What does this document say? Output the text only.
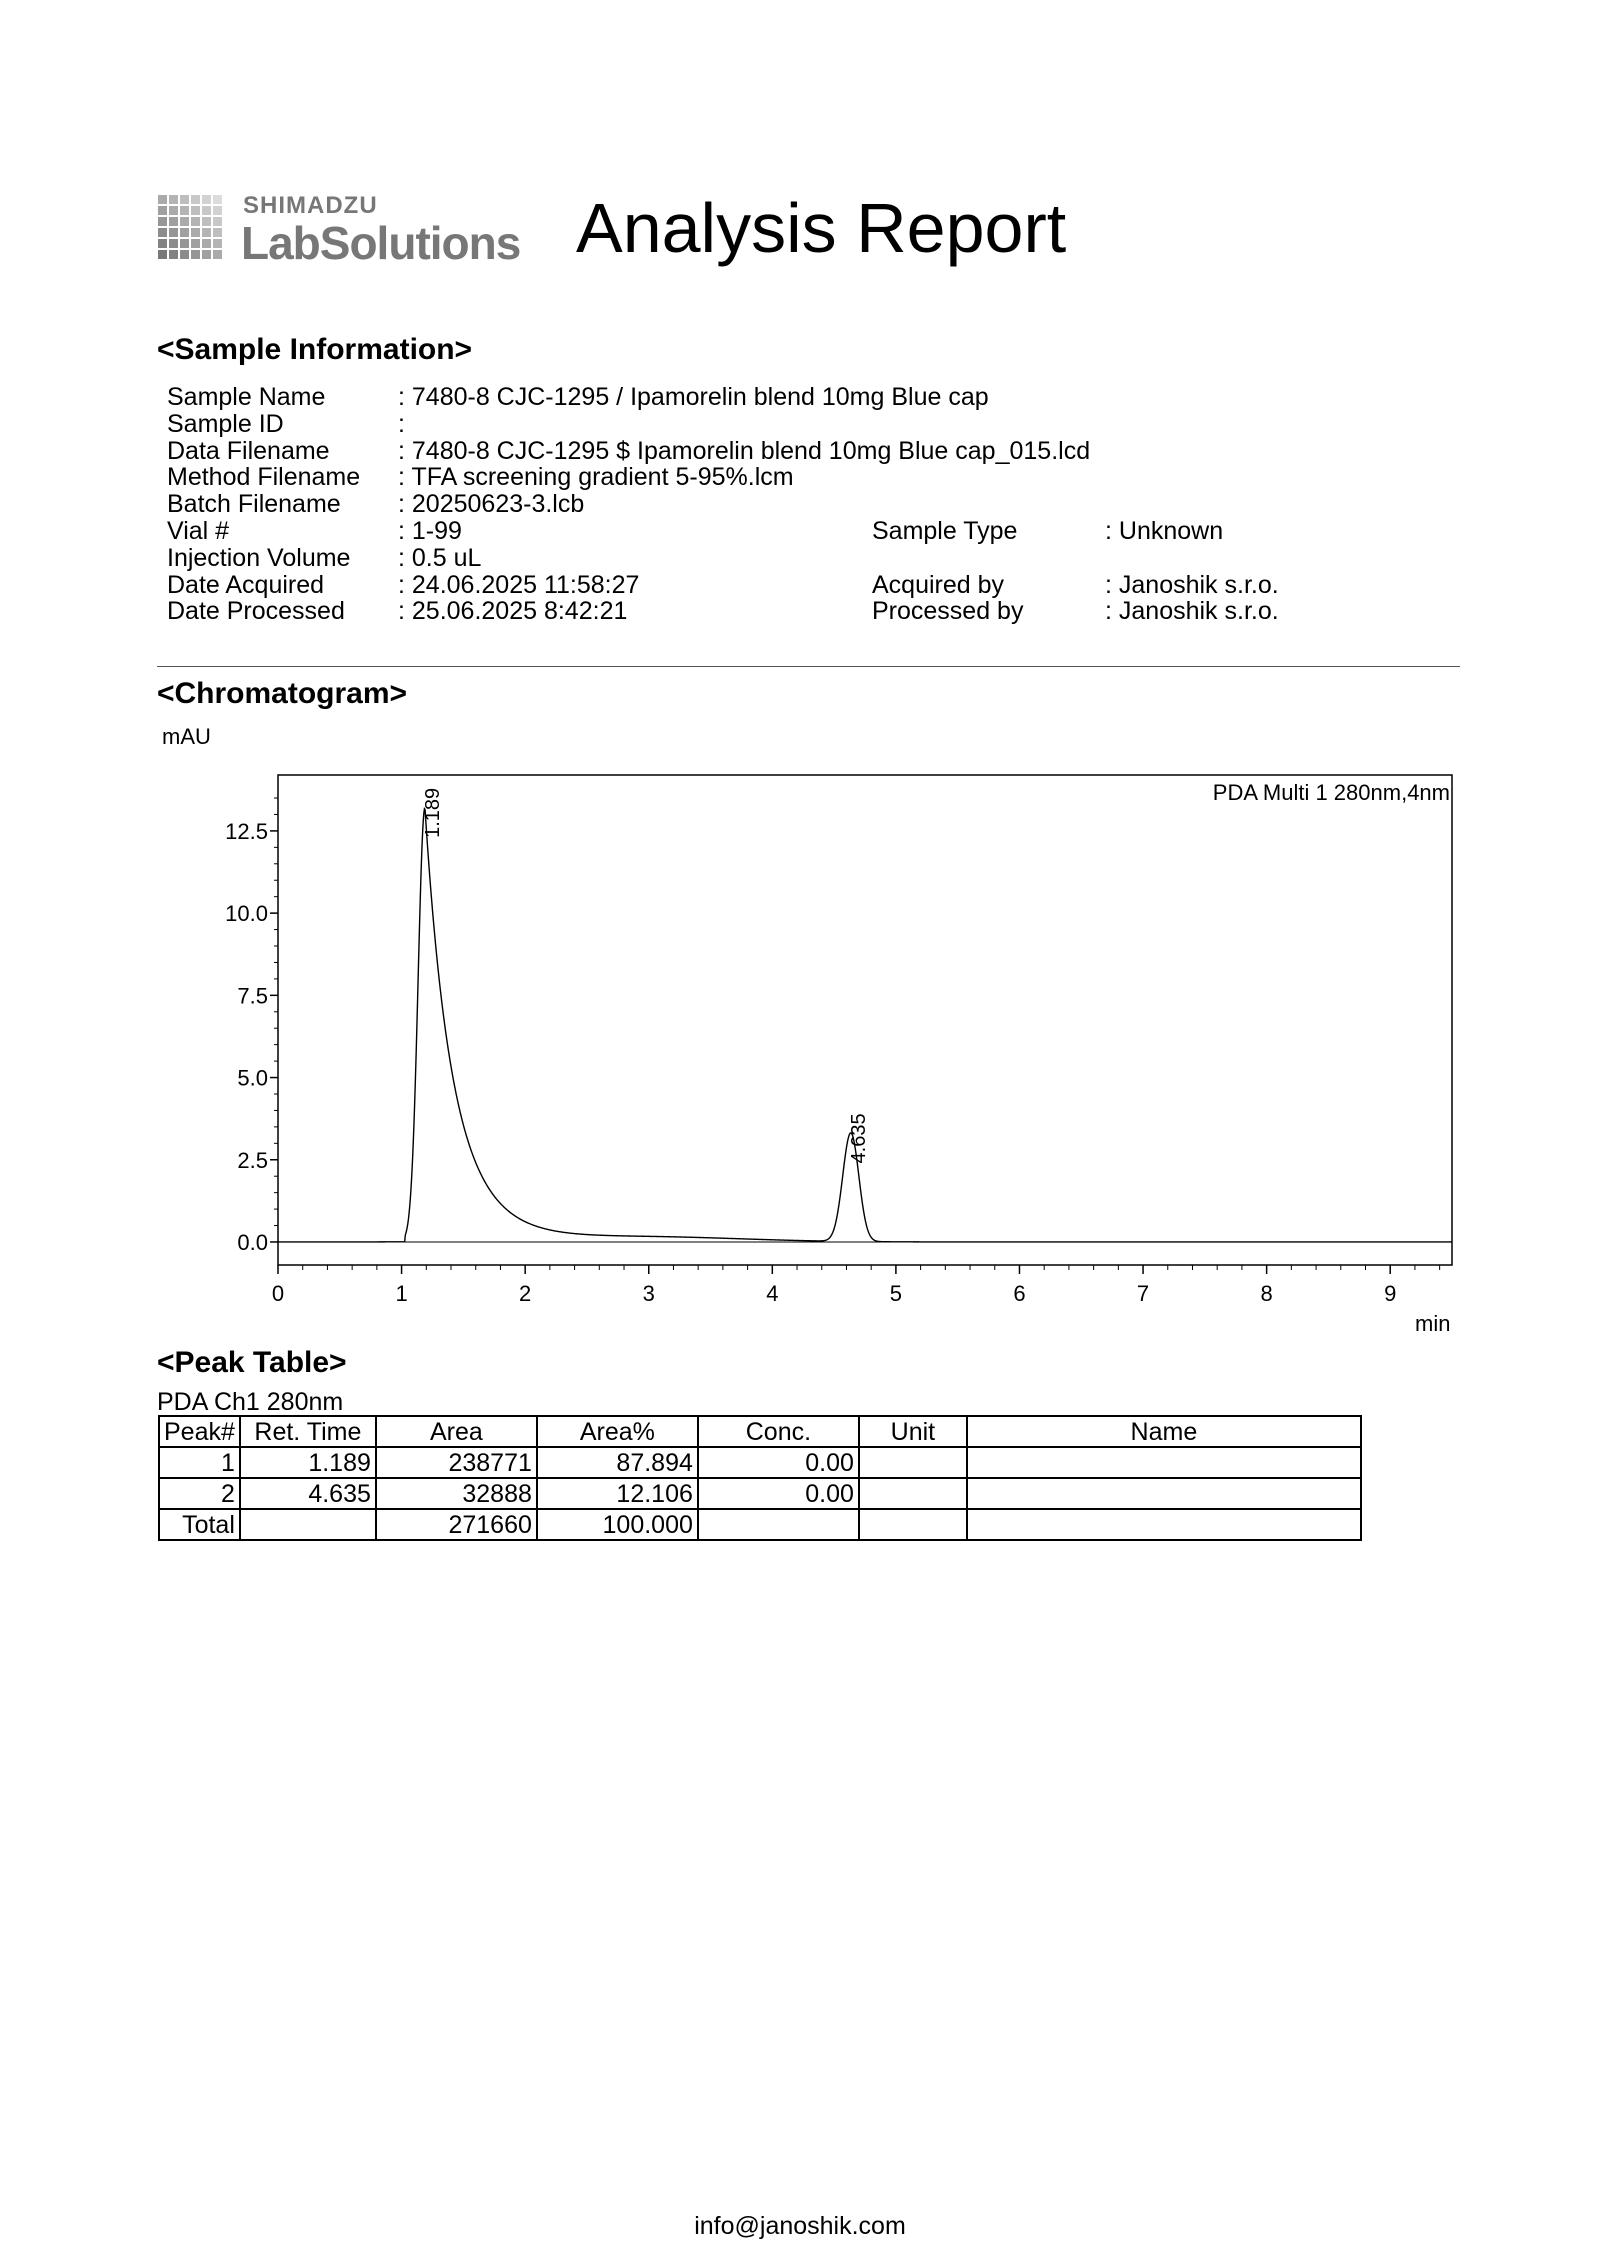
SHIMADZU
LabSolutions Analysis Report
<Sample Information>
Sample Name	: 7480-8 CJC-1295 / Ipamorelin blend 10mg Blue cap
Sample ID	:
Data Filename	: 7480-8 CJC-1295 $ Ipamorelin blend 10mg Blue cap_015.lcd
Method Filename : TFA screening gradient 5-95%.lcm
Batch Filename : 20250623-3.lcb
Vial #	: 1-99	Sample Type	: Unknown
Injection Volume : 0.5 uL
Date Acquired	: 24.06.2025 11:58:27	Acquired by	: Janoshik s.r.o.
Date Processed : 25.06.2025 8:42:21	Processed by	: Janoshik s.r.o.
<Chromatogram>
mAU
min
PDA Multi 1 280nm,4nm
0.0
2.5
5.0
7.5
10.0
12.5
0	1	2	3	4	5	6	7	8	9
1.189
4.635
<Peak Table>
PDA Ch1 280nm
Peak#	Ret. Time	Area	Area%	Conc.	Unit	Name
1	1.189	238771	87.894	0.00		
2	4.635	32888	12.106	0.00		
Total		271660	100.000			
info@janoshik.com
